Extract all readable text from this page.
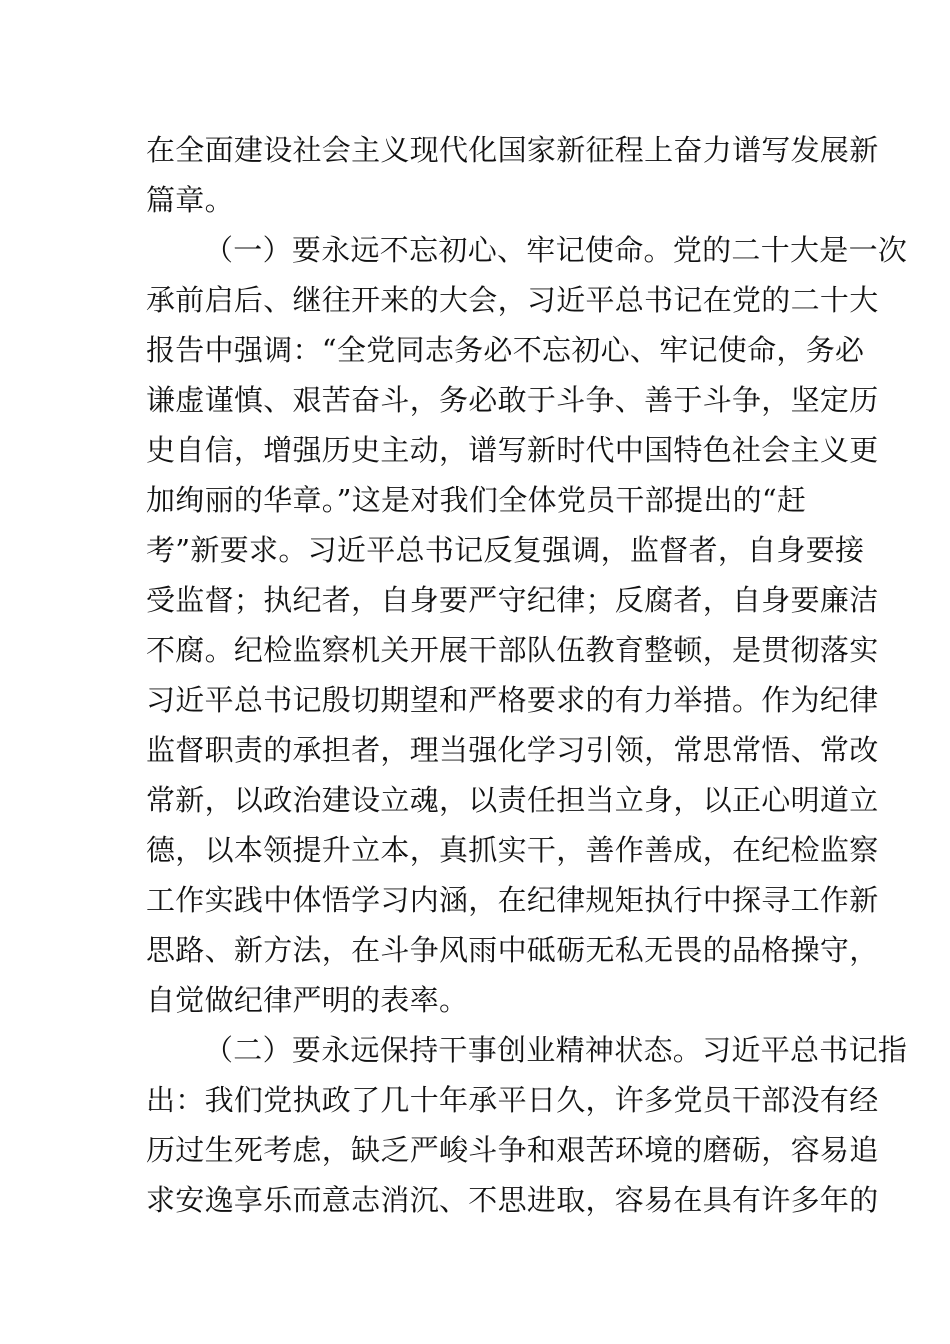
在全面建设社会主义现代化国家新征程上奋力谱写发展新
篇章。
（一）要永远不忘初心、牢记使命。党的二十大是一次
承前启后、继往开来的大会，习近平总书记在党的二十大
报告中强调：“全党同志务必不忘初心、牢记使命，务必
谦虚谨慎、艰苦奋斗，务必敢于斗争、善于斗争，坚定历
史自信，增强历史主动，谱写新时代中国特色社会主义更
加绚丽的华章。”这是对我们全体党员干部提出的“赶
考”新要求。习近平总书记反复强调，监督者，自身要接
受监督；执纪者，自身要严守纪律；反腐者，自身要廉洁
不腐。纪检监察机关开展干部队伍教育整顿，是贯彻落实
习近平总书记殷切期望和严格要求的有力举措。作为纪律
监督职责的承担者，理当强化学习引领，常思常悟、常改
常新，以政治建设立魂，以责任担当立身，以正心明道立
德，以本领提升立本，真抓实干，善作善成，在纪检监察
工作实践中体悟学习内涵，在纪律规矩执行中探寻工作新
思路、新方法，在斗争风雨中砥砺无私无畏的品格操守，
自觉做纪律严明的表率。
（二）要永远保持干事创业精神状态。习近平总书记指
出：我们党执政了几十年承平日久，许多党员干部没有经
历过生死考虑，缺乏严峻斗争和艰苦环境的磨砺，容易追
求安逸享乐而意志消沉、不思进取，容易在具有许多年的
